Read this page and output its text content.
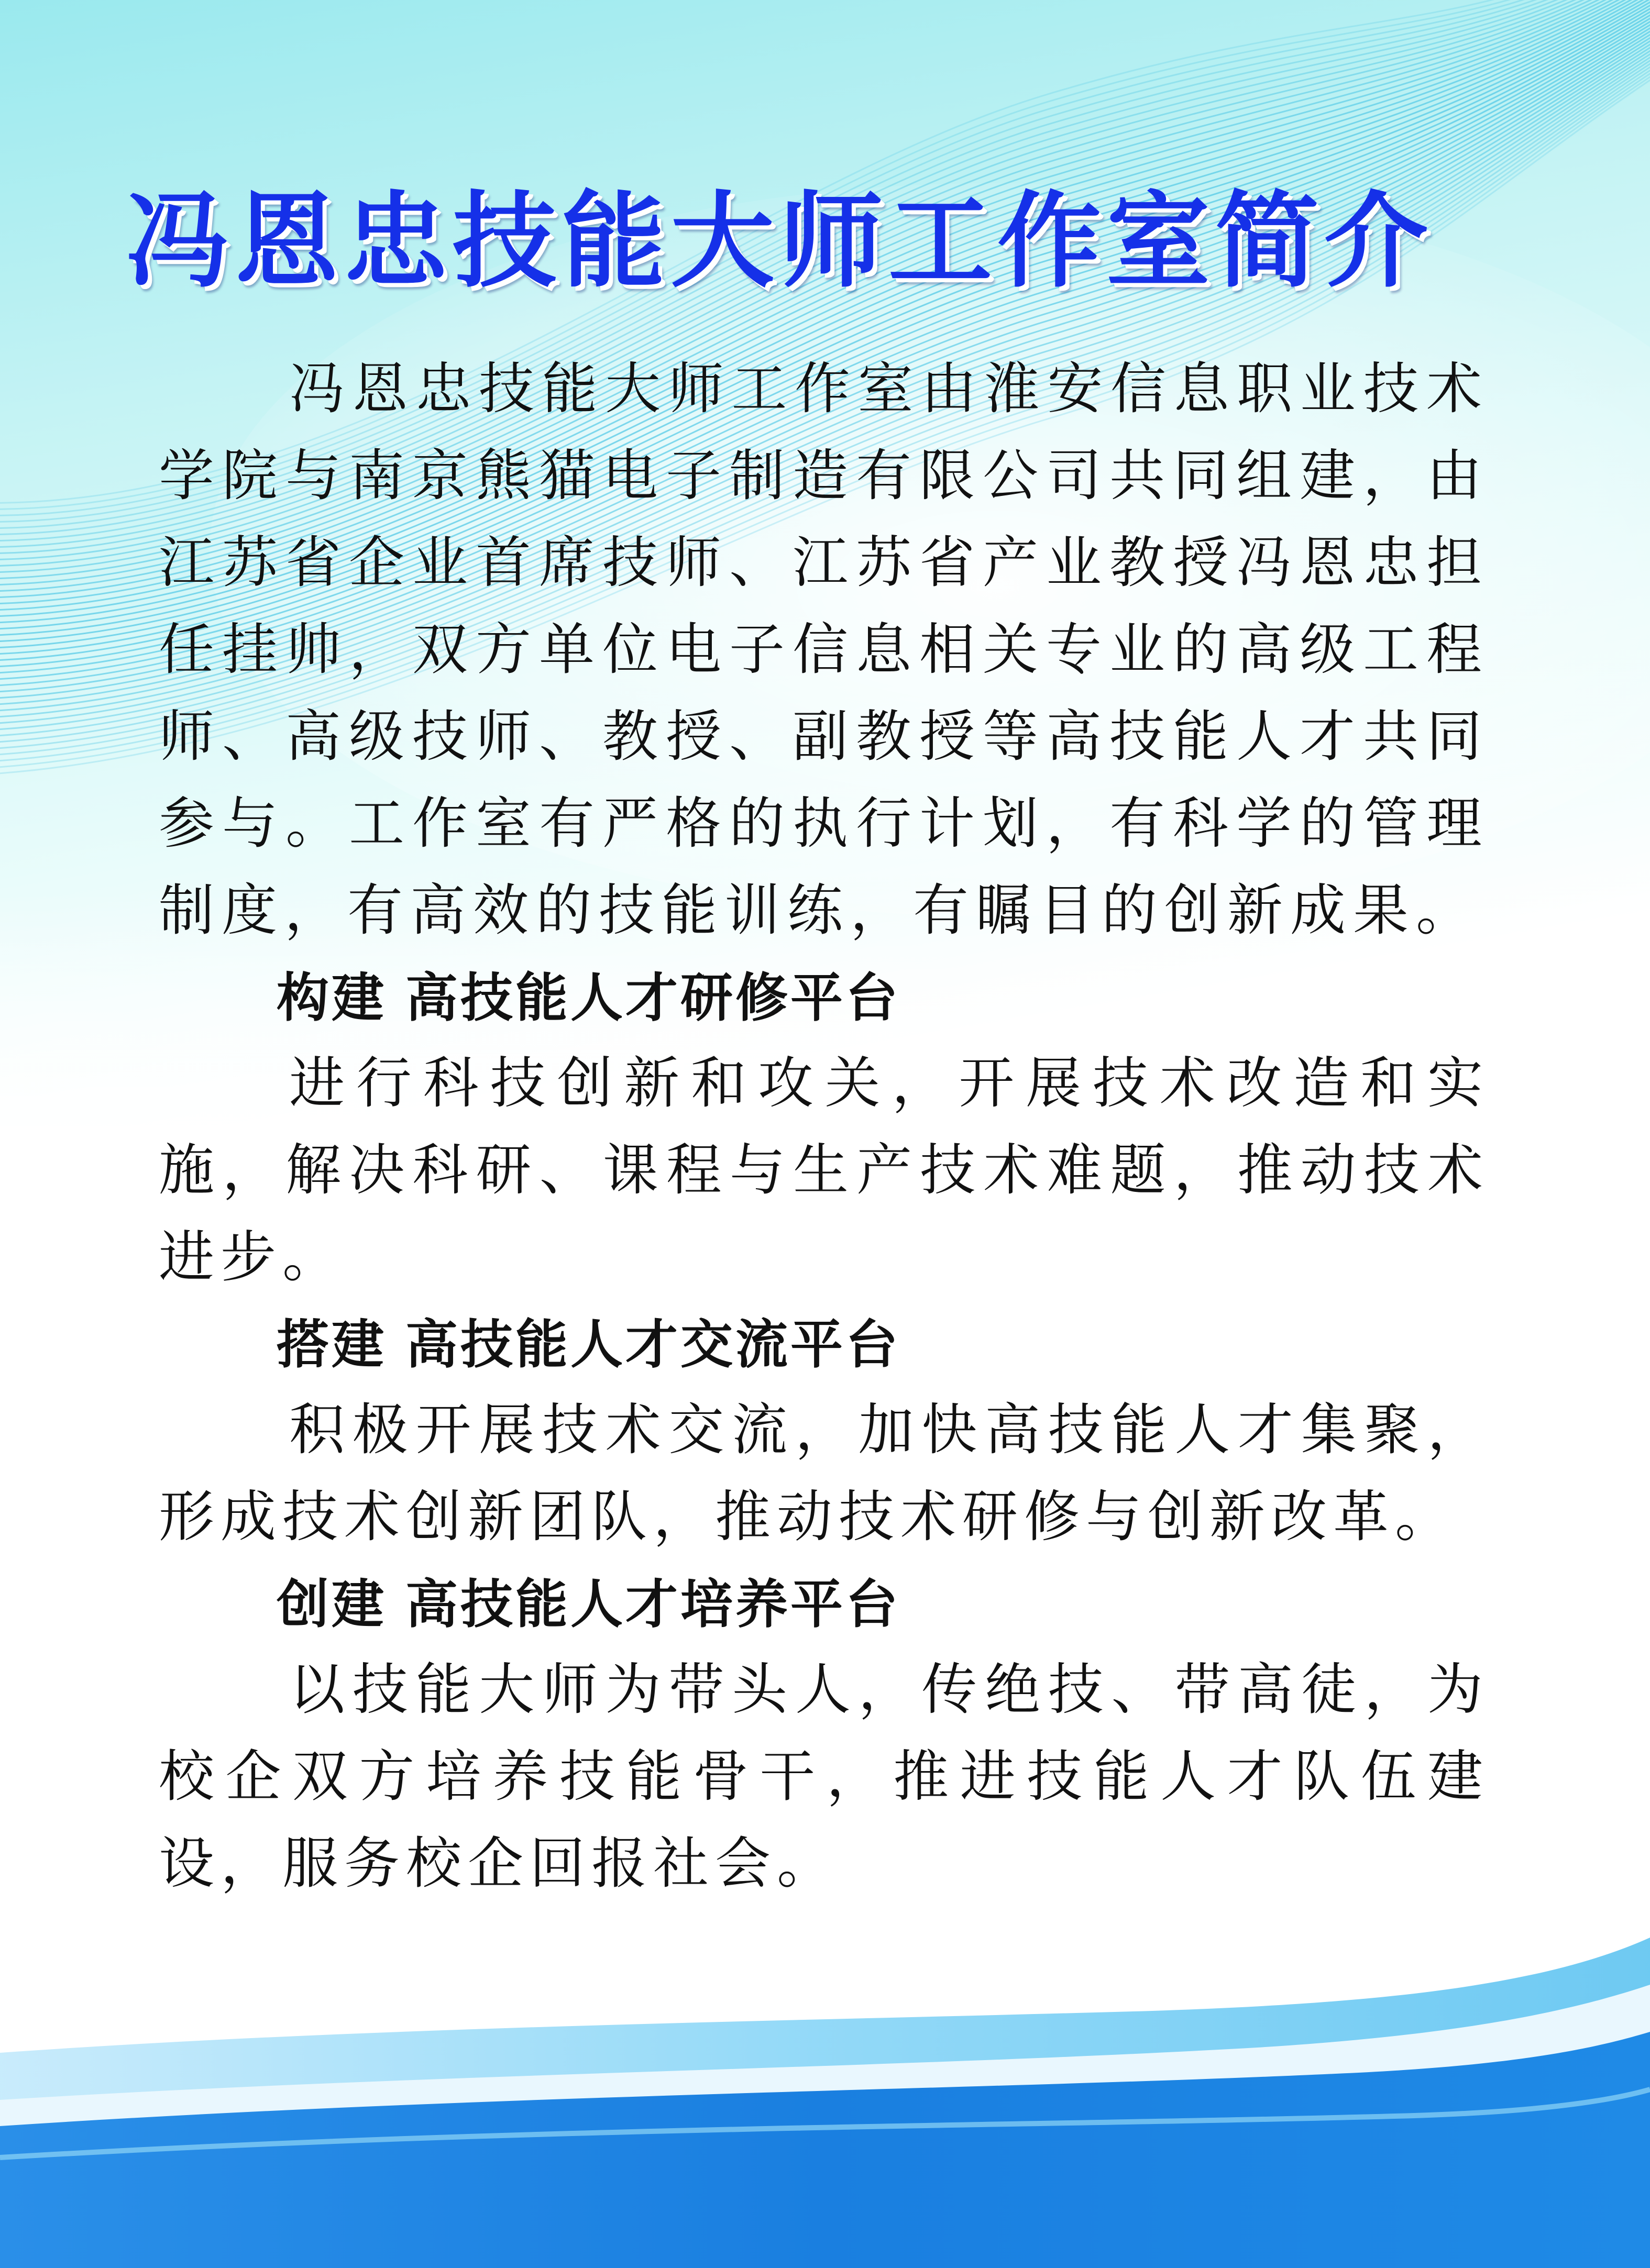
冯恩忠技能大师工作室简介

冯恩忠技能大师工作室由淮安信息职业技术学院与南京熊猫电子制造有限公司共同组建，由江苏省企业首席技师、江苏省产业教授冯恩忠担任挂帅，双方单位电子信息相关专业的高级工程师、高级技师、教授、副教授等高技能人才共同参与。工作室有严格的执行计划，有科学的管理制度，有高效的技能训练，有瞩目的创新成果。

构建 高技能人才研修平台

进行科技创新和攻关，开展技术改造和实施，解决科研、课程与生产技术难题，推动技术进步。

搭建 高技能人才交流平台

积极开展技术交流，加快高技能人才集聚，形成技术创新团队，推动技术研修与创新改革。

创建 高技能人才培养平台

以技能大师为带头人，传绝技、带高徒，为校企双方培养技能骨干，推进技能人才队伍建设，服务校企回报社会。
